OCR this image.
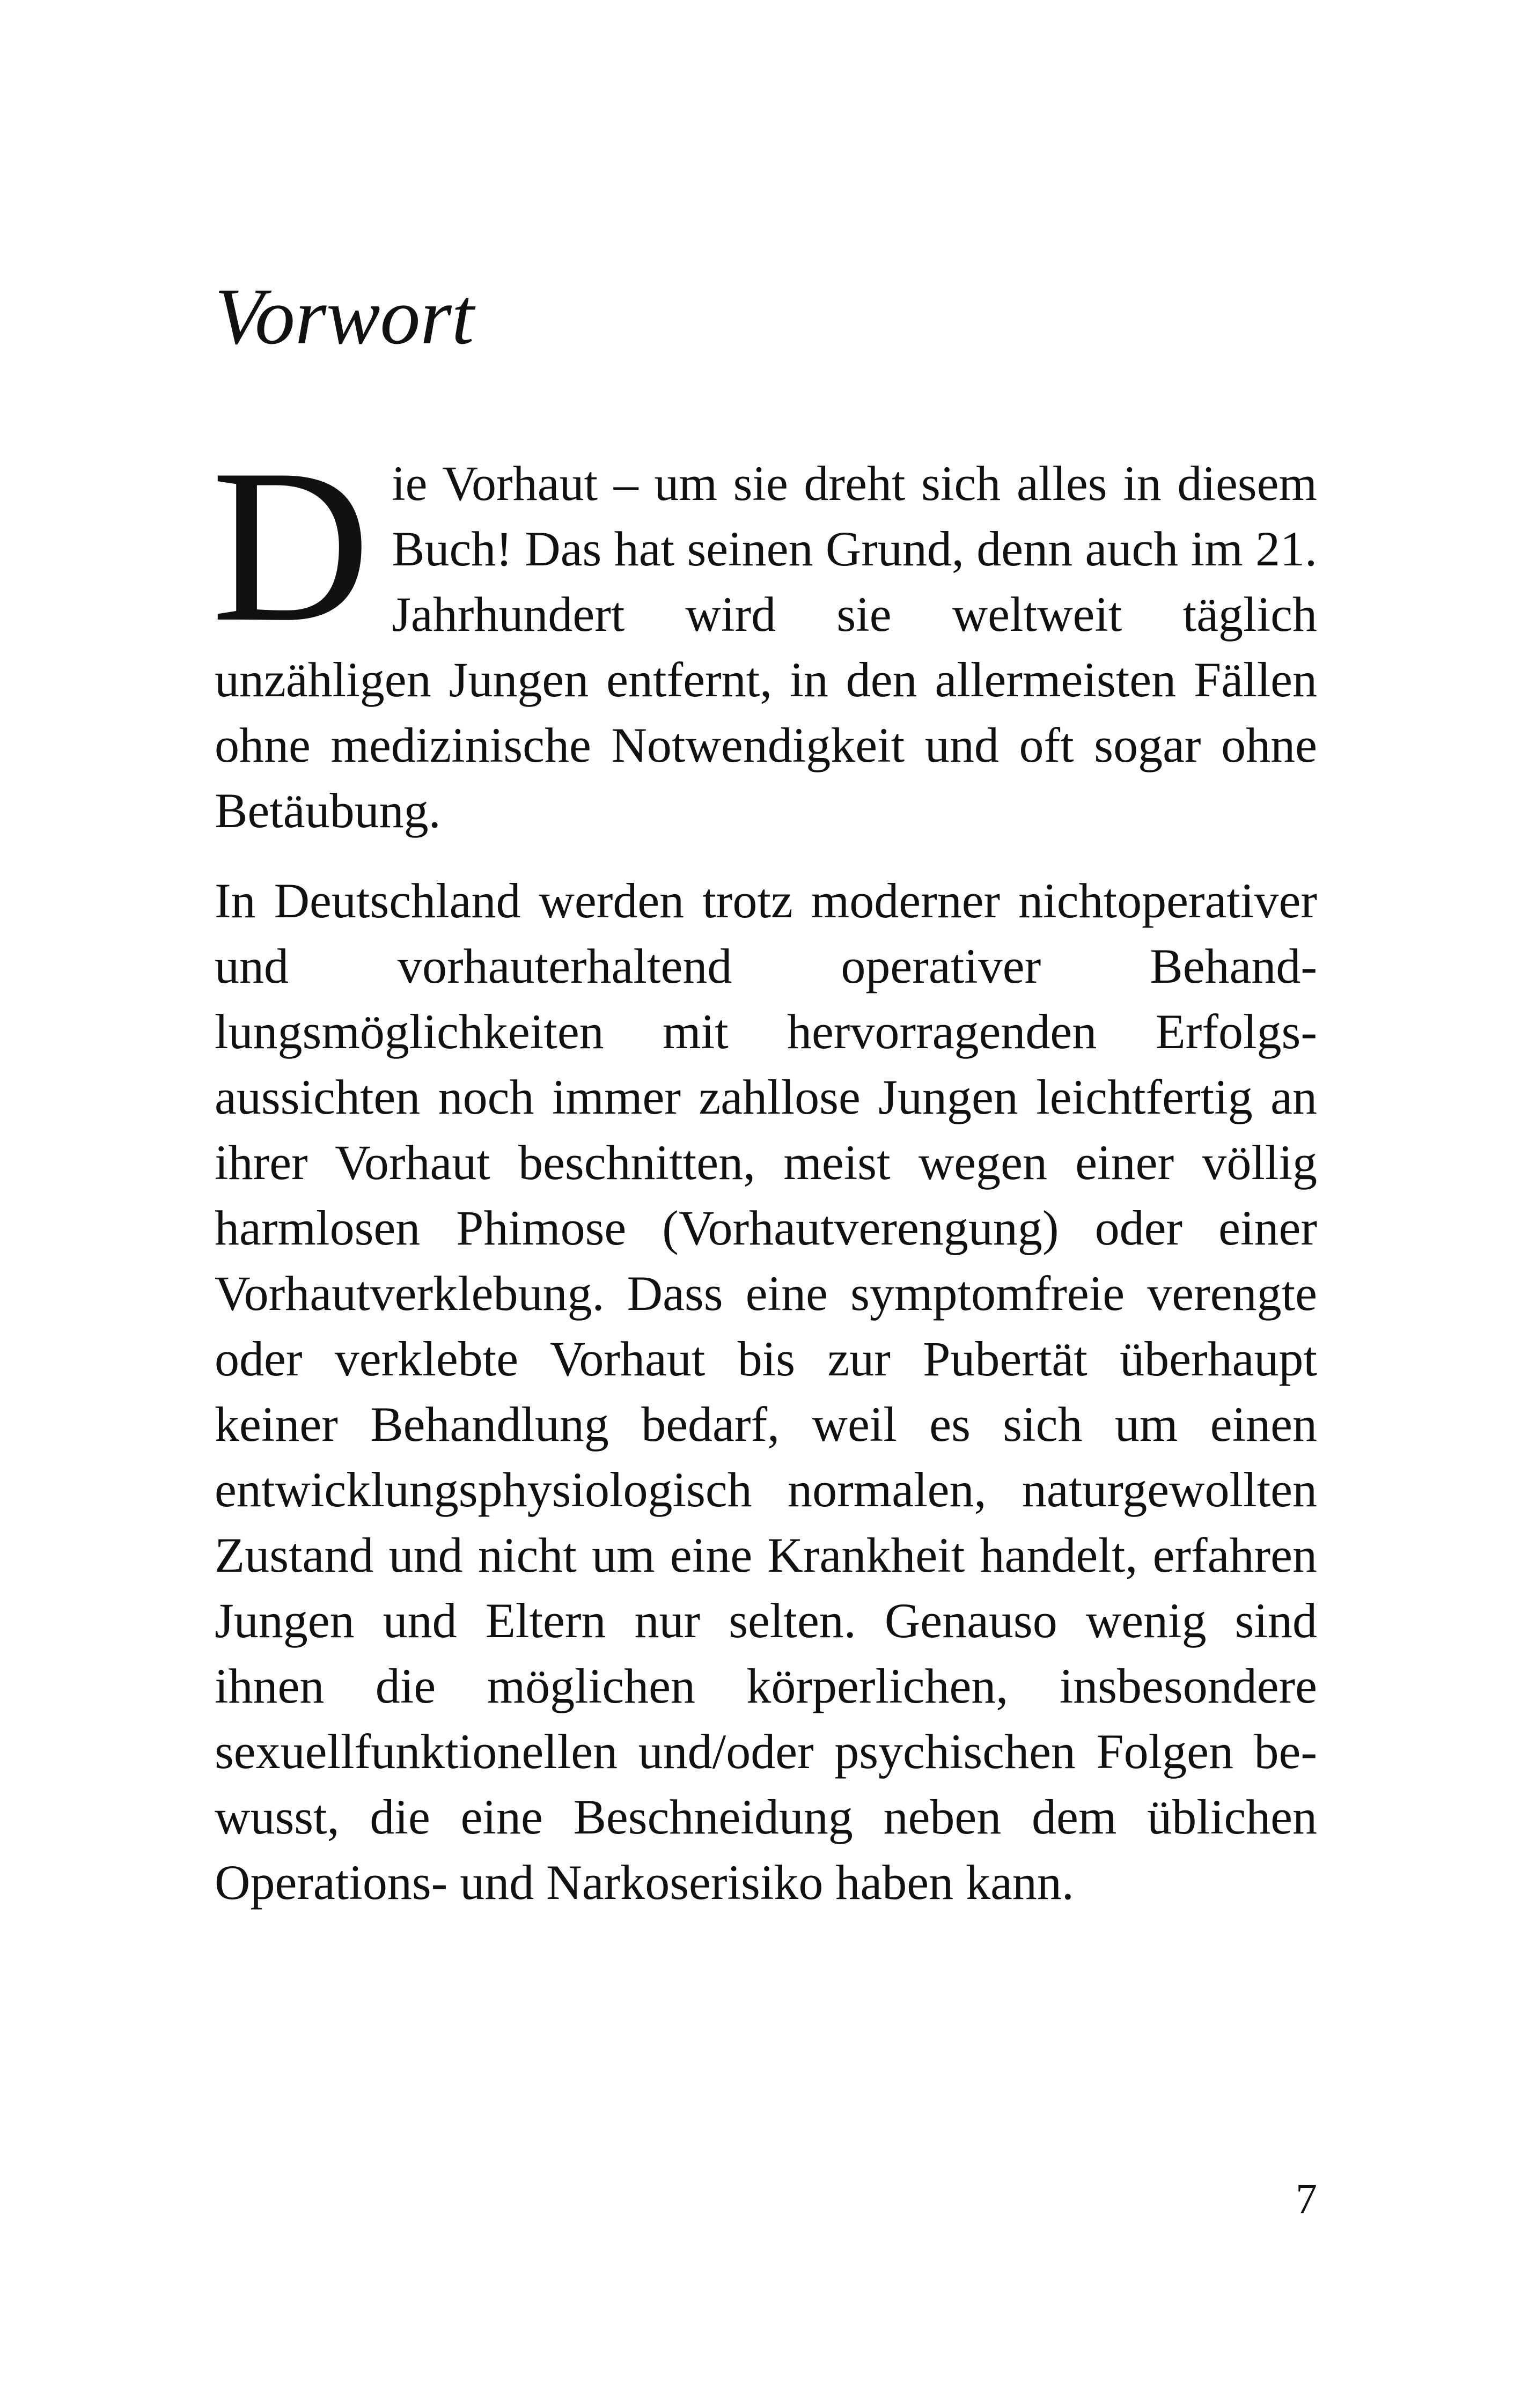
Vorwort

Die Vorhaut – um sie dreht sich alles in diesem Buch! Das hat seinen Grund, denn auch im 21. Jahrhundert wird sie weltweit täglich unzähligen Jungen entfernt, in den allermeisten Fällen ohne medizinische Notwendigkeit und oft sogar ohne Betäubung.

In Deutschland werden trotz moderner nichtoperativer und vorhauterhaltend operativer Behandlungsmöglichkeiten mit hervorragenden Erfolgsaussichten noch immer zahllose Jungen leichtfertig an ihrer Vorhaut beschnitten, meist wegen einer völlig harmlosen Phimose (Vorhautverengung) oder einer Vorhautverklebung. Dass eine symptomfreie verengte oder verklebte Vorhaut bis zur Pubertät überhaupt keiner Behandlung bedarf, weil es sich um einen entwicklungsphysiologisch normalen, naturgewollten Zustand und nicht um eine Krankheit handelt, erfahren Jungen und Eltern nur selten. Genauso wenig sind ihnen die möglichen körperlichen, insbesondere sexuellfunktionellen und/oder psychischen Folgen bewusst, die eine Beschneidung neben dem üblichen Operations- und Narkoserisiko haben kann.

7
